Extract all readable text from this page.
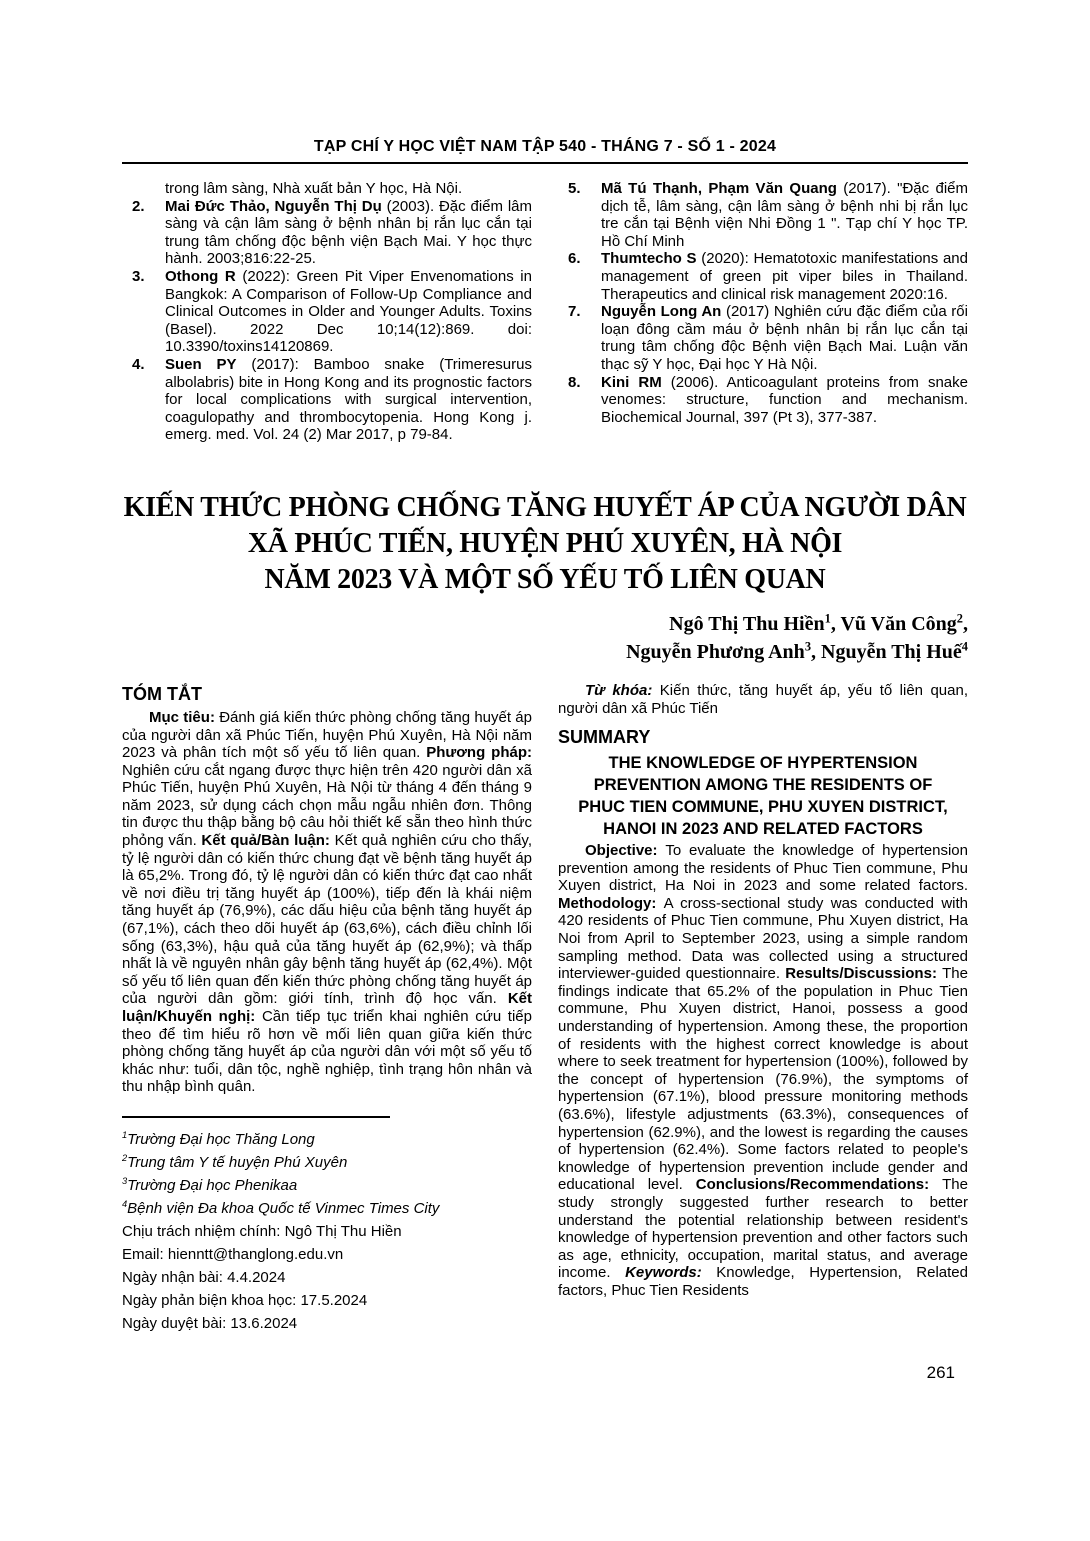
TẠP CHÍ Y HỌC VIỆT NAM TẬP 540 - THÁNG 7 - SỐ 1 - 2024
trong lâm sàng, Nhà xuất bản Y học, Hà Nội.
2. Mai Đức Thảo, Nguyễn Thị Dụ (2003). Đặc điểm lâm sàng và cận lâm sàng ở bệnh nhân bị rắn lục cắn tại trung tâm chống độc bệnh viện Bạch Mai. Y học thực hành. 2003;816:22-25.
3. Othong R (2022): Green Pit Viper Envenomations in Bangkok: A Comparison of Follow-Up Compliance and Clinical Outcomes in Older and Younger Adults. Toxins (Basel). 2022 Dec 10;14(12):869. doi: 10.3390/toxins14120869.
4. Suen PY (2017): Bamboo snake (Trimeresurus albolabris) bite in Hong Kong and its prognostic factors for local complications with surgical intervention, coagulopathy and thrombocytopenia. Hong Kong j. emerg. med. Vol. 24 (2) Mar 2017, p 79-84.
5. Mã Tú Thạnh, Phạm Văn Quang (2017). "Đặc điểm dịch tễ, lâm sàng, cận lâm sàng ở bệnh nhi bị rắn lục tre cắn tại Bệnh viện Nhi Đồng 1 ". Tạp chí Y học TP. Hồ Chí Minh
6. Thumtecho S (2020): Hematotoxic manifestations and management of green pit viper biles in Thailand. Therapeutics and clinical risk management 2020:16.
7. Nguyễn Long An (2017) Nghiên cứu đặc điểm của rối loạn đông cầm máu ở bệnh nhân bị rắn lục cắn tại trung tâm chống độc Bệnh viện Bạch Mai. Luận văn thạc sỹ Y học, Đại học Y Hà Nội.
8. Kini RM (2006). Anticoagulant proteins from snake venomes: structure, function and mechanism. Biochemical Journal, 397 (Pt 3), 377-387.
KIẾN THỨC PHÒNG CHỐNG TĂNG HUYẾT ÁP CỦA NGƯỜI DÂN
XÃ PHÚC TIẾN, HUYỆN PHÚ XUYÊN, HÀ NỘI
NĂM 2023 VÀ MỘT SỐ YẾU TỐ LIÊN QUAN
Ngô Thị Thu Hiền$^1$, Vũ Văn Công$^2$,
Nguyễn Phương Anh$^3$, Nguyễn Thị Huế$^4$
TÓM TẮT

Mục tiêu: Đánh giá kiến thức phòng chống tăng huyết áp của người dân xã Phúc Tiến, huyện Phú Xuyên, Hà Nội năm 2023 và phân tích một số yếu tố liên quan. Phương pháp: Nghiên cứu cắt ngang được thực hiện trên 420 người dân xã Phúc Tiến, huyện Phú Xuyên, Hà Nội từ tháng 4 đến tháng 9 năm 2023, sử dụng cách chọn mẫu ngẫu nhiên đơn. Thông tin được thu thập bằng bộ câu hỏi thiết kế sẵn theo hình thức phỏng vấn. Kết quả/Bàn luận: Kết quả nghiên cứu cho thấy, tỷ lệ người dân có kiến thức chung đạt về bệnh tăng huyết áp là 65,2%. Trong đó, tỷ lệ người dân có kiến thức đạt cao nhất về nơi điều trị tăng huyết áp (100%), tiếp đến là khái niệm tăng huyết áp (76,9%), các dấu hiệu của bệnh tăng huyết áp (67,1%), cách theo dõi huyết áp (63,6%), cách điều chỉnh lối sống (63,3%), hậu quả của tăng huyết áp (62,9%); và thấp nhất là về nguyên nhân gây bệnh tăng huyết áp (62,4%). Một số yếu tố liên quan đến kiến thức phòng chống tăng huyết áp của người dân gồm: giới tính, trình độ học vấn. Kết luận/Khuyến nghị: Cần tiếp tục triển khai nghiên cứu tiếp theo để tìm hiểu rõ hơn về mối liên quan giữa kiến thức phòng chống tăng huyết áp của người dân với một số yếu tố khác như: tuổi, dân tộc, nghề nghiệp, tình trạng hôn nhân và thu nhập bình quân.

$^1$Trường Đại học Thăng Long
$^2$Trung tâm Y tế huyện Phú Xuyên
$^3$Trường Đại học Phenikaa
$^4$Bệnh viện Đa khoa Quốc tế Vinmec Times City
Chịu trách nhiệm chính: Ngô Thị Thu Hiền
Email: hienntt@thanglong.edu.vn
Ngày nhận bài: 4.4.2024
Ngày phản biện khoa học: 17.5.2024
Ngày duyệt bài: 13.6.2024

Từ khóa: Kiến thức, tăng huyết áp, yếu tố liên quan, người dân xã Phúc Tiến

SUMMARY
THE KNOWLEDGE OF HYPERTENSION
PREVENTION AMONG THE RESIDENTS OF
PHUC TIEN COMMUNE, PHU XUYEN DISTRICT,
HANOI IN 2023 AND RELATED FACTORS

Objective: To evaluate the knowledge of hypertension prevention among the residents of Phuc Tien commune, Phu Xuyen district, Ha Noi in 2023 and some related factors. Methodology: A cross-sectional study was conducted with 420 residents of Phuc Tien commune, Phu Xuyen district, Ha Noi from April to September 2023, using a simple random sampling method. Data was collected using a structured interviewer-guided questionnaire. Results/Discussions: The findings indicate that 65.2% of the population in Phuc Tien commune, Phu Xuyen district, Hanoi, possess a good understanding of hypertension. Among these, the proportion of residents with the highest correct knowledge is about where to seek treatment for hypertension (100%), followed by the concept of hypertension (76.9%), the symptoms of hypertension (67.1%), blood pressure monitoring methods (63.6%), lifestyle adjustments (63.3%), consequences of hypertension (62.9%), and the lowest is regarding the causes of hypertension (62.4%). Some factors related to people's knowledge of hypertension prevention include gender and educational level. Conclusions/Recommendations: The study strongly suggested further research to better understand the potential relationship between resident's knowledge of hypertension prevention and other factors such as age, ethnicity, occupation, marital status, and average income. Keywords: Knowledge, Hypertension, Related factors, Phuc Tien Residents

261
